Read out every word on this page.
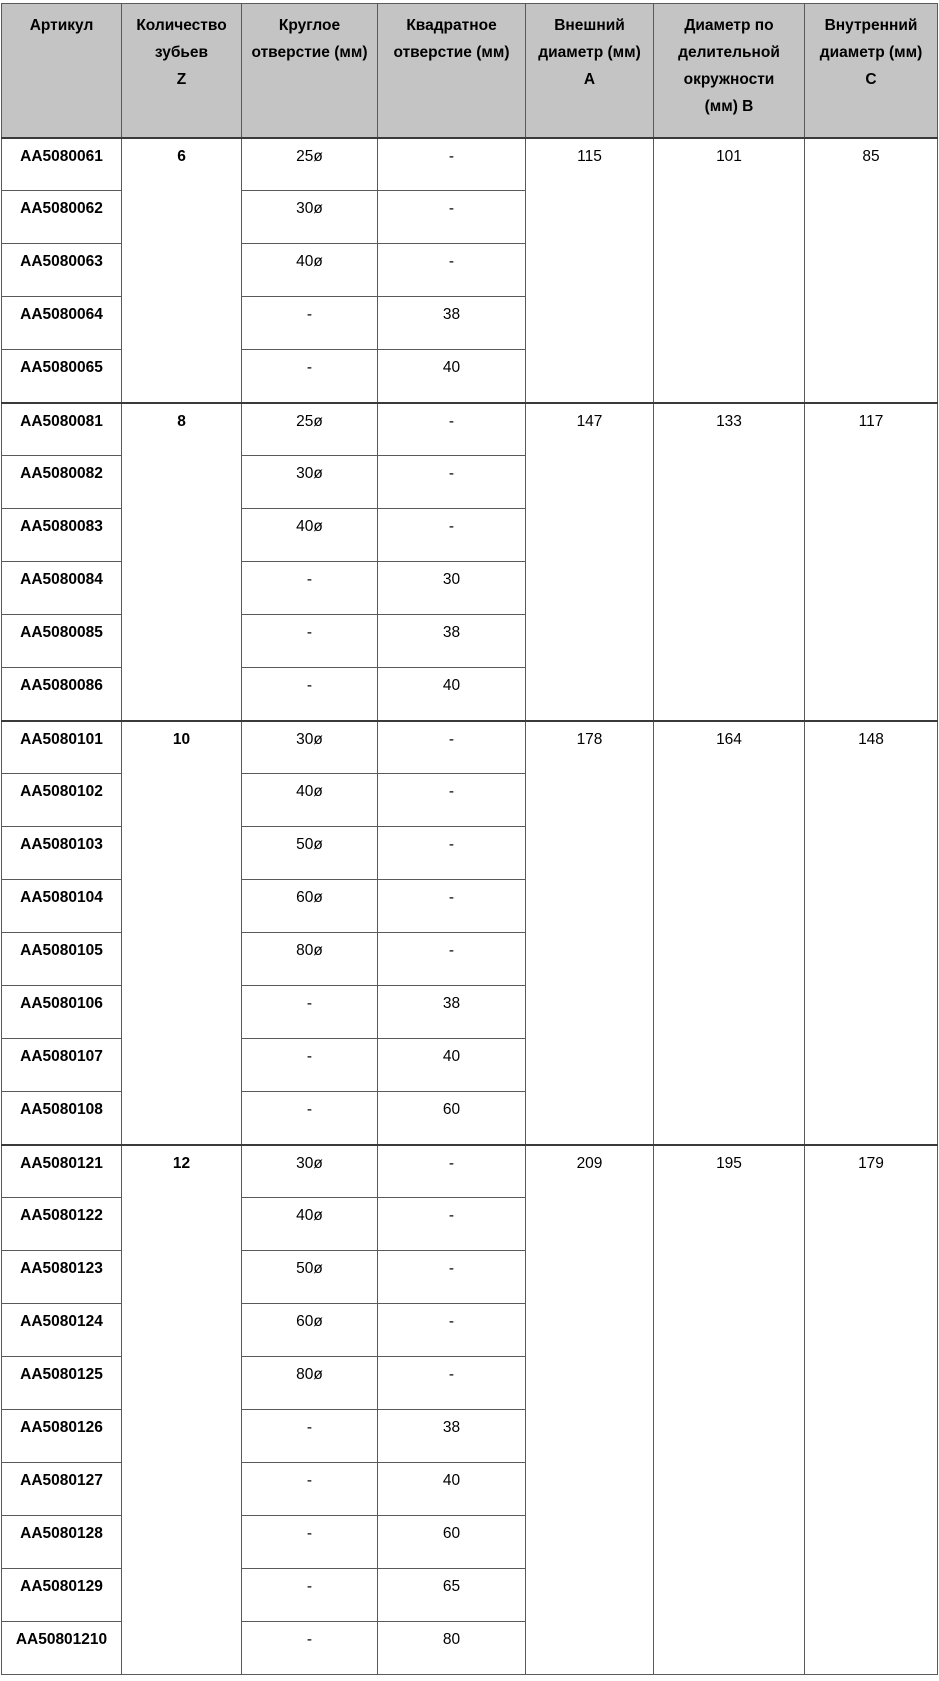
Артикул	Количество
зубьев
Z	Круглое
отверстие (мм)	Квадратное
отверстие (мм)	Внешний
диаметр (мм)
A	Диаметр по
делительной
окружности
(мм) B	Внутренний
диаметр (мм)
C

AA5080061	6	25ø	-	115	101	85
AA5080062		30ø	-			
AA5080063		40ø	-			
AA5080064		-	38			
AA5080065		-	40			
AA5080081	8	25ø	-	147	133	117
AA5080082		30ø	-			
AA5080083		40ø	-			
AA5080084		-	30			
AA5080085		-	38			
AA5080086		-	40			
AA5080101	10	30ø	-	178	164	148
AA5080102		40ø	-			
AA5080103		50ø	-			
AA5080104		60ø	-			
AA5080105		80ø	-			
AA5080106		-	38			
AA5080107		-	40			
AA5080108		-	60			
AA5080121	12	30ø	-	209	195	179
AA5080122		40ø	-			
AA5080123		50ø	-			
AA5080124		60ø	-			
AA5080125		80ø	-			
AA5080126		-	38			
AA5080127		-	40			
AA5080128		-	60			
AA5080129		-	65			
AA50801210		-	80			
